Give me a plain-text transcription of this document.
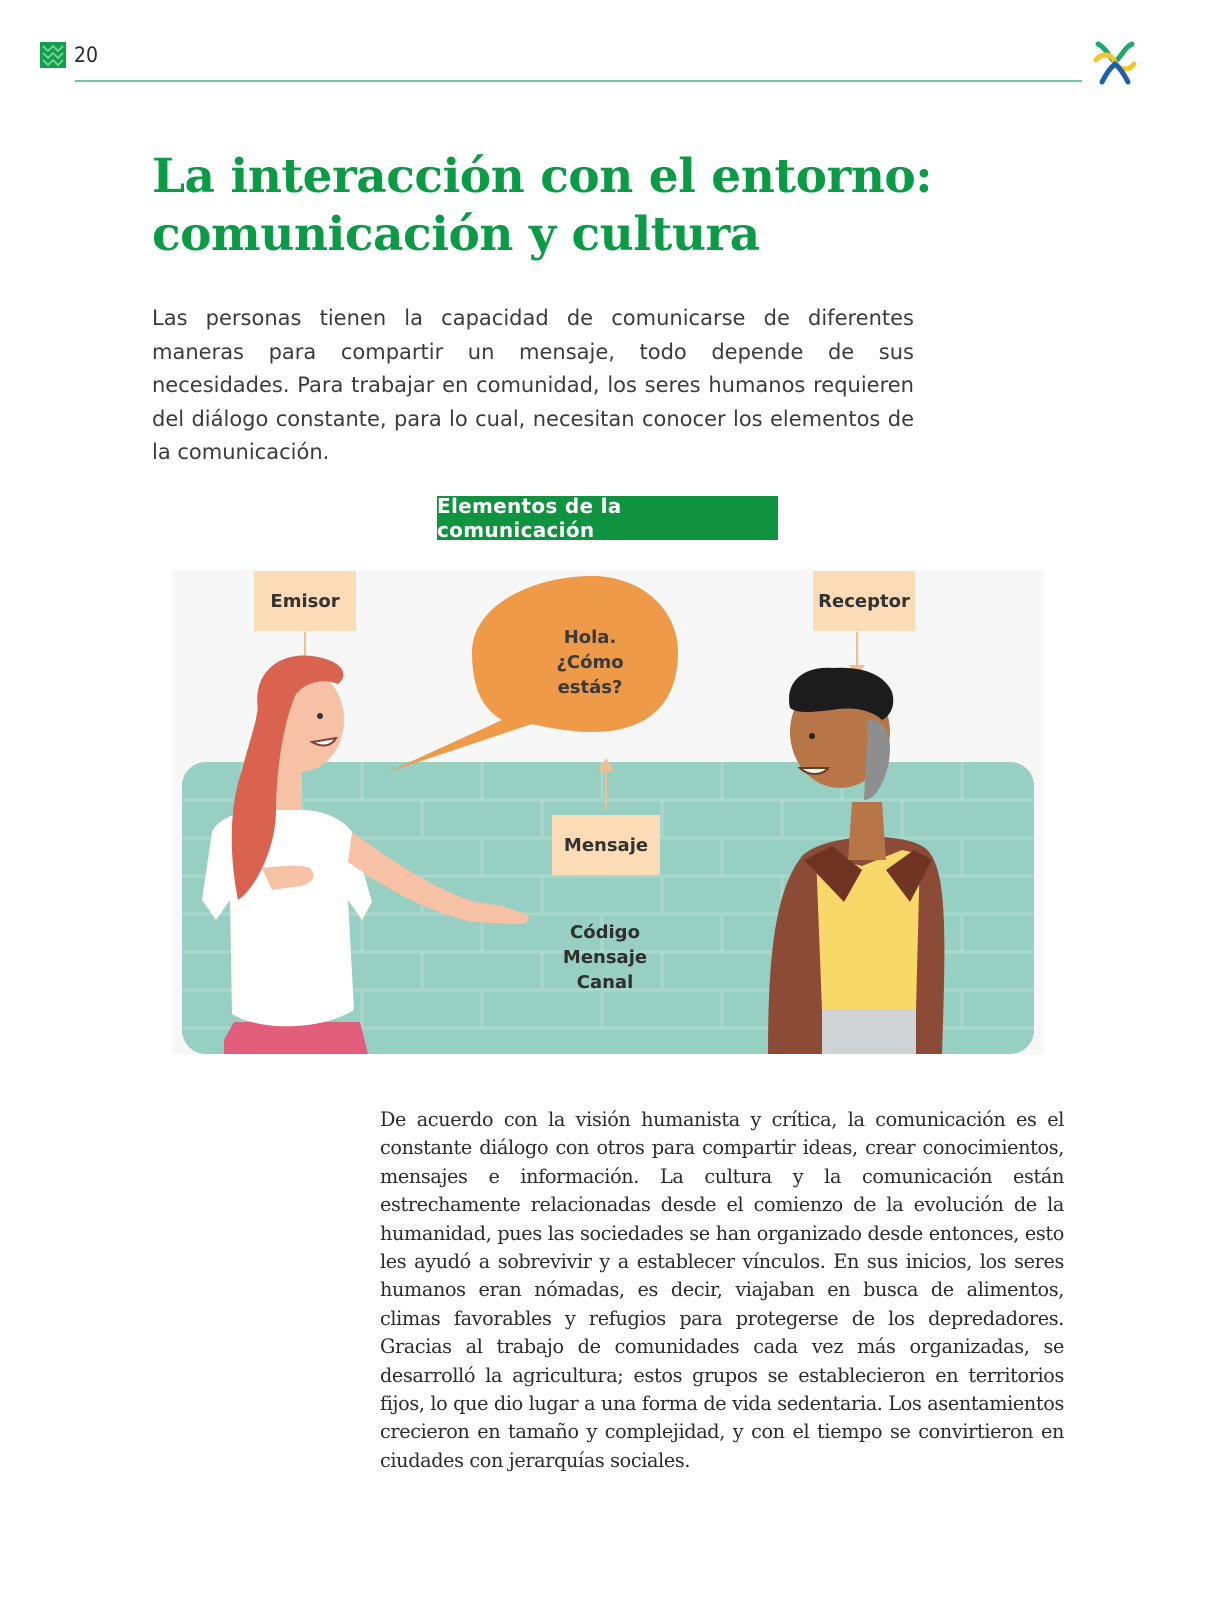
20
La interacción con el entorno: comunicación y cultura

Las personas tienen la capacidad de comunicarse de diferentes maneras para compartir un mensaje, todo depende de sus necesidades. Para trabajar en comunidad, los seres humanos requieren del diálogo constante, para lo cual, necesitan conocer los elementos de la comunicación.

Elementos de la comunicación
Emisor	Receptor
Mensaje
Hola.
¿Cómo
estás?
Código
Mensaje
Canal

De acuerdo con la visión humanista y crítica, la comunicación es el constante diálogo con otros para compartir ideas, crear conocimientos, mensajes e información. La cultura y la comunicación están estrechamente relacionadas desde el comienzo de la evolución de la humanidad, pues las sociedades se han organizado desde entonces, esto les ayudó a sobrevivir y a establecer vínculos. En sus inicios, los seres humanos eran nómadas, es decir, viajaban en busca de alimentos, climas favorables y refugios para protegerse de los depredadores. Gracias al trabajo de comunidades cada vez más organizadas, se desarrolló la agricultura; estos grupos se establecieron en territorios fijos, lo que dio lugar a una forma de vida sedentaria. Los asentamientos crecieron en tamaño y complejidad, y con el tiempo se convirtieron en ciudades con jerarquías sociales.
